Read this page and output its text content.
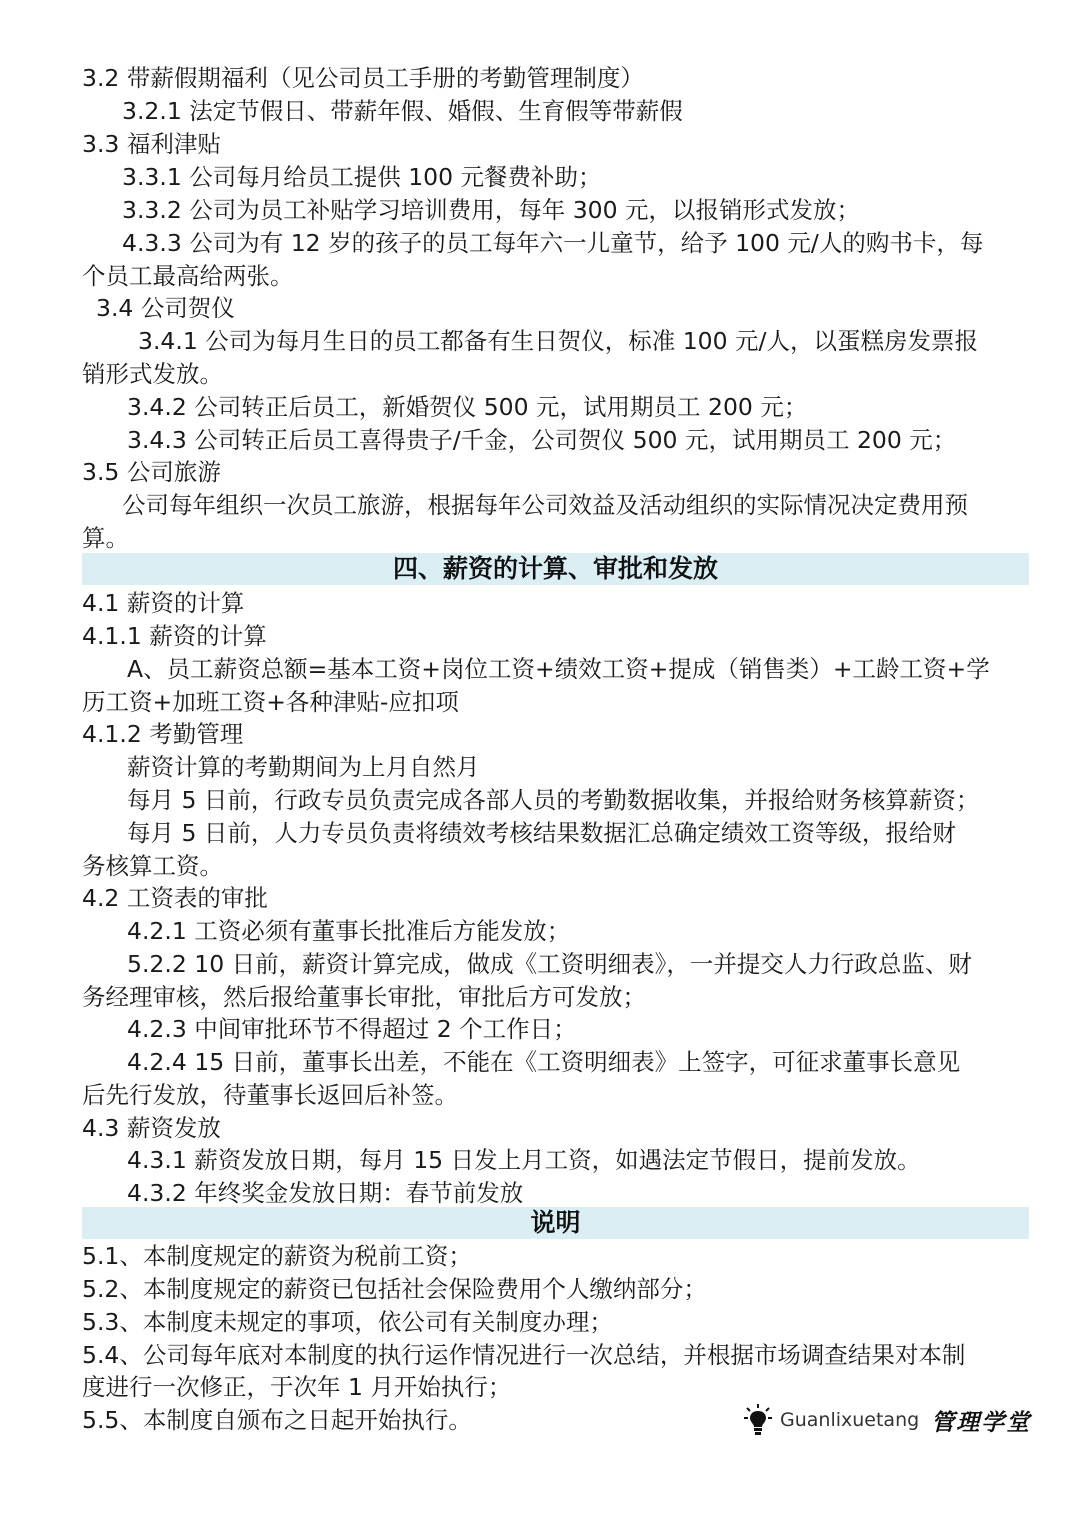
3.2 带薪假期福利（见公司员工手册的考勤管理制度）
3.2.1 法定节假日、带薪年假、婚假、生育假等带薪假
3.3 福利津贴
3.3.1 公司每月给员工提供 100 元餐费补助；
3.3.2 公司为员工补贴学习培训费用，每年 300 元，以报销形式发放；
4.3.3 公司为有 12 岁的孩子的员工每年六一儿童节，给予 100 元/人的购书卡，每
个员工最高给两张。
3.4 公司贺仪
3.4.1 公司为每月生日的员工都备有生日贺仪，标准 100 元/人，以蛋糕房发票报
销形式发放。
3.4.2 公司转正后员工，新婚贺仪 500 元，试用期员工 200 元；
3.4.3 公司转正后员工喜得贵子/千金，公司贺仪 500 元，试用期员工 200 元；
3.5 公司旅游
公司每年组织一次员工旅游，根据每年公司效益及活动组织的实际情况决定费用预
算。
四、薪资的计算、审批和发放
4.1 薪资的计算
4.1.1 薪资的计算
A、员工薪资总额=基本工资+岗位工资+绩效工资+提成（销售类）+工龄工资+学
历工资+加班工资+各种津贴-应扣项
4.1.2 考勤管理
薪资计算的考勤期间为上月自然月
每月 5 日前，行政专员负责完成各部人员的考勤数据收集，并报给财务核算薪资；
每月 5 日前，人力专员负责将绩效考核结果数据汇总确定绩效工资等级，报给财
务核算工资。
4.2 工资表的审批
4.2.1 工资必须有董事长批准后方能发放；
5.2.2 10 日前，薪资计算完成，做成《工资明细表》，一并提交人力行政总监、财
务经理审核，然后报给董事长审批，审批后方可发放；
4.2.3 中间审批环节不得超过 2 个工作日；
4.2.4 15 日前，董事长出差，不能在《工资明细表》上签字，可征求董事长意见
后先行发放，待董事长返回后补签。
4.3 薪资发放
4.3.1 薪资发放日期，每月 15 日发上月工资，如遇法定节假日，提前发放。
4.3.2 年终奖金发放日期：春节前发放
说明
5.1、本制度规定的薪资为税前工资；
5.2、本制度规定的薪资已包括社会保险费用个人缴纳部分；
5.3、本制度未规定的事项，依公司有关制度办理；
5.4、公司每年底对本制度的执行运作情况进行一次总结，并根据市场调查结果对本制
度进行一次修正，于次年 1 月开始执行；
5.5、本制度自颁布之日起开始执行。	Guanlixuetang 管理学堂
